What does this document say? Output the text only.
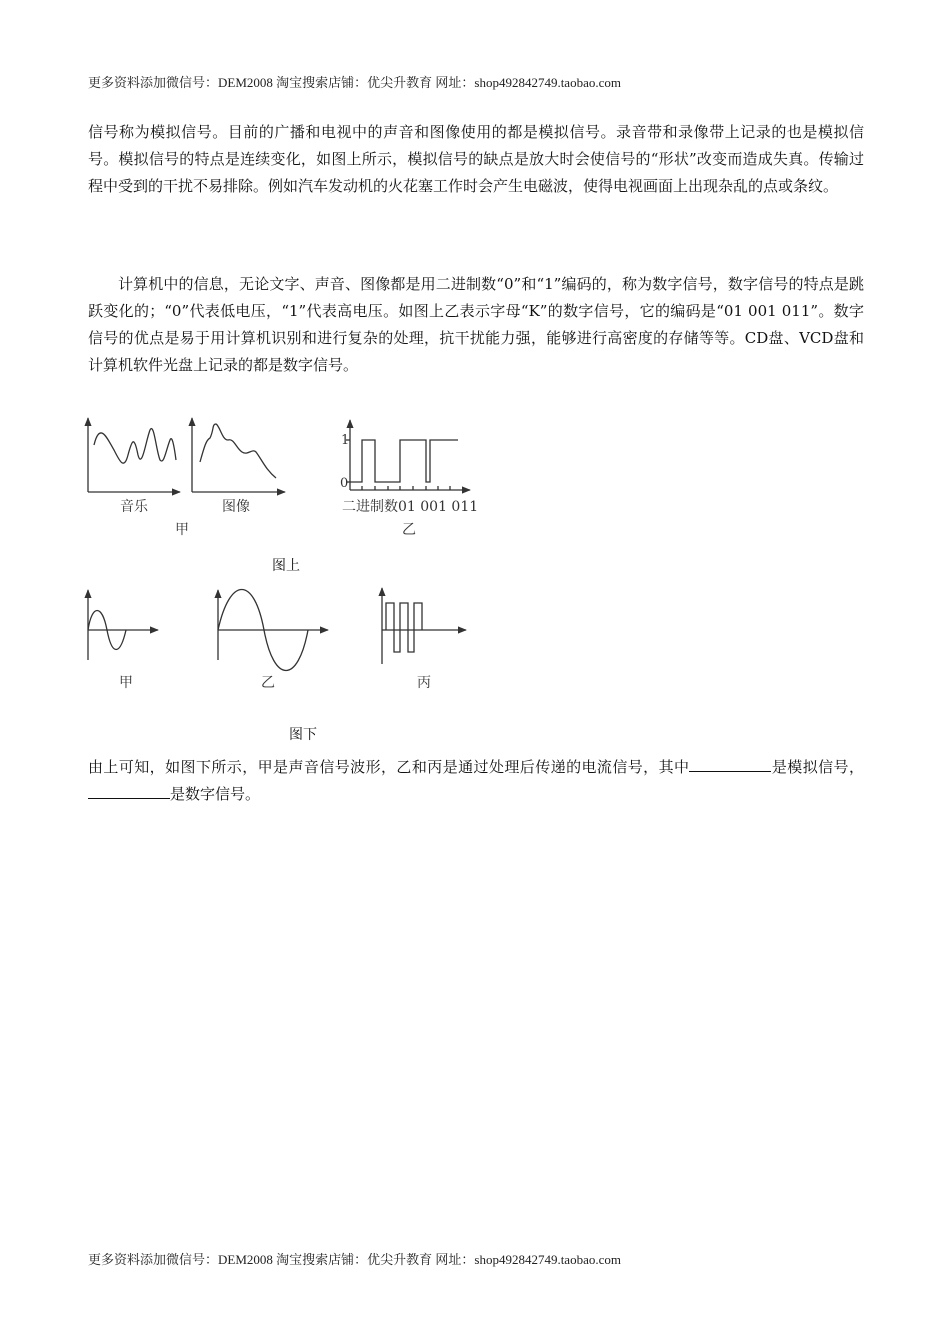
更多资料添加微信号：DEM2008 淘宝搜索店铺：优尖升教育 网址：shop492842749.taobao.com

信号称为模拟信号。目前的广播和电视中的声音和图像使用的都是模拟信号。录音带和录像带上记录的也是模拟信号。模拟信号的特点是连续变化，如图上所示，模拟信号的缺点是放大时会使信号的“形状”改变而造成失真。传输过程中受到的干扰不易排除。例如汽车发动机的火花塞工作时会产生电磁波，使得电视画面上出现杂乱的点或条纹。

计算机中的信息，无论文字、声音、图像都是用二进制数“0”和“1”编码的，称为数字信号，数字信号的特点是跳跃变化的；“0”代表低电压，“1”代表高电压。如图上乙表示字母“K”的数字信号，它的编码是“01 001 011”。数字信号的优点是易于用计算机识别和进行复杂的处理，抗干扰能力强，能够进行高密度的存储等等。CD盘、VCD盘和计算机软件光盘上记录的都是数字信号。

音乐	图像
甲
1
0
二进制数01 001 011
乙
图上
甲	乙	丙
图下

由上可知，如图下所示，甲是声音信号波形，乙和丙是通过处理后传递的电流信号，其中	是模拟信号，是数字信号。

更多资料添加微信号：DEM2008 淘宝搜索店铺：优尖升教育 网址：shop492842749.taobao.com
